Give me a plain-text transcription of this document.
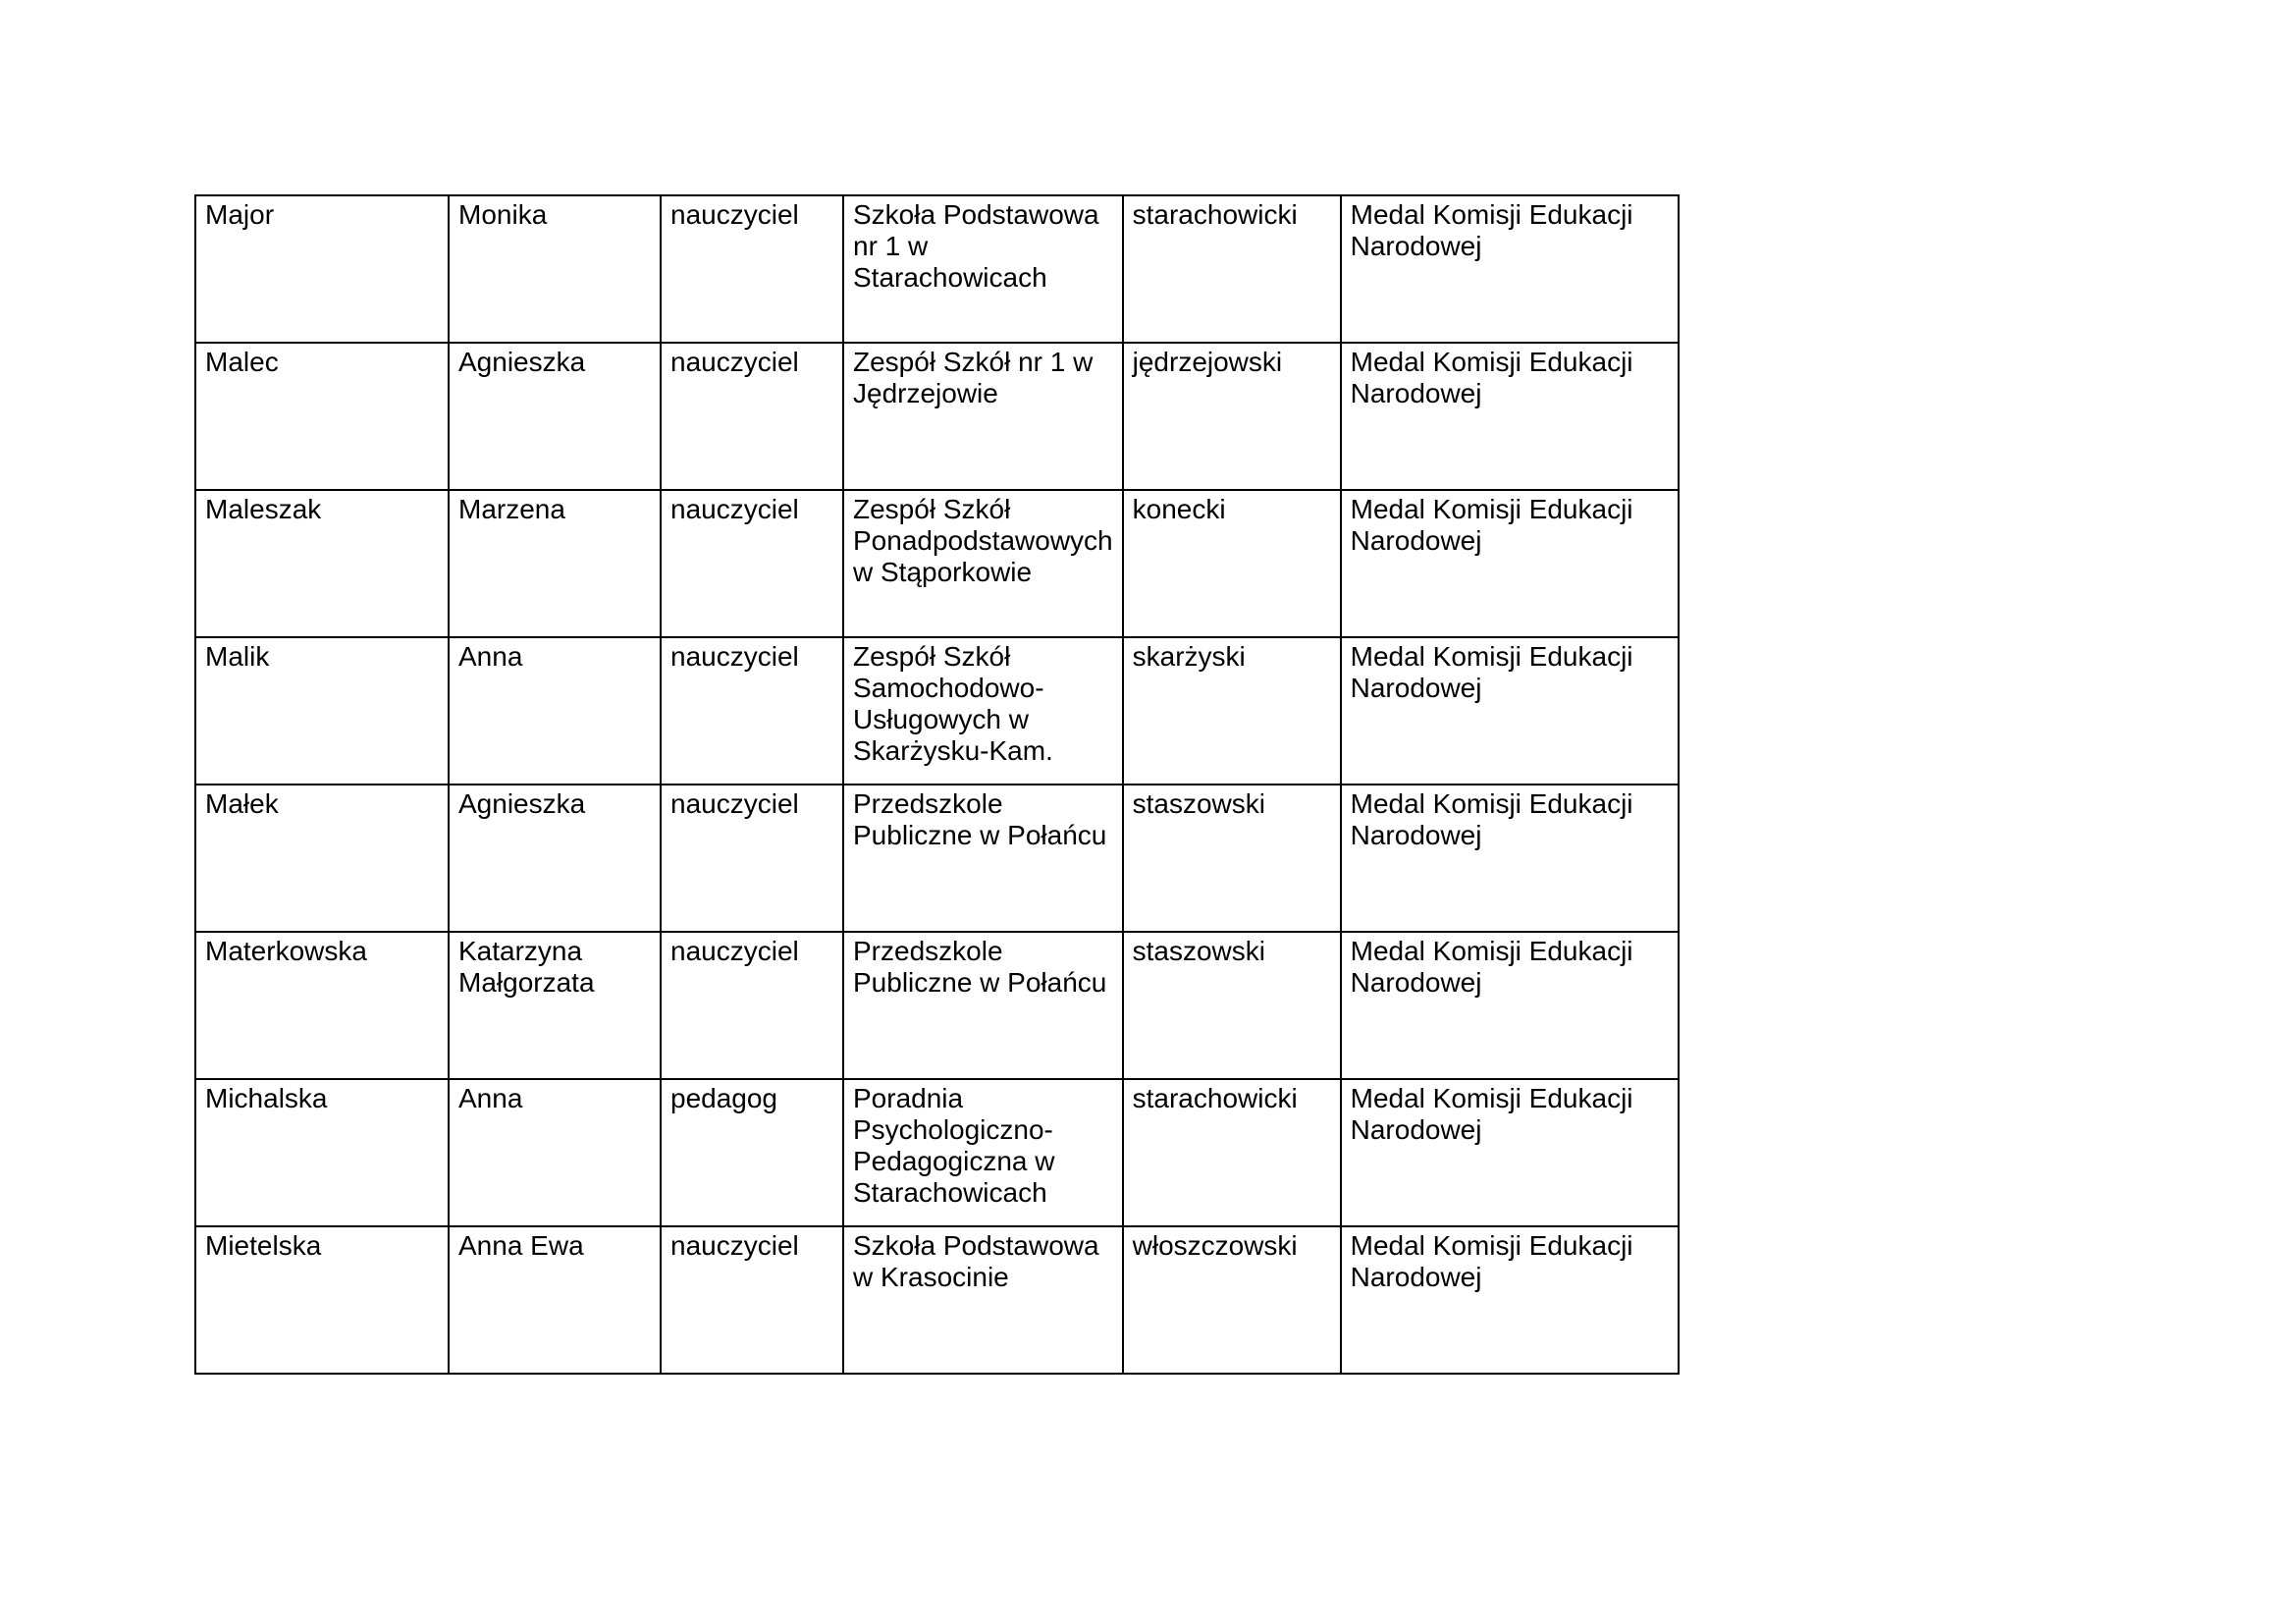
Major	Monika	nauczyciel	Szkoła Podstawowa
nr 1 w
Starachowicach	starachowicki	Medal Komisji Edukacji
Narodowej

Malec	Agnieszka	nauczyciel	Zespół Szkół nr 1 w
Jędrzejowie	jędrzejowski	Medal Komisji Edukacji
Narodowej

Maleszak	Marzena	nauczyciel	Zespół Szkół
Ponadpodstawowych
w Stąporkowie	konecki	Medal Komisji Edukacji
Narodowej

Malik	Anna	nauczyciel	Zespół Szkół
Samochodowo-
Usługowych w
Skarżysku-Kam.	skarżyski	Medal Komisji Edukacji
Narodowej

Małek	Agnieszka	nauczyciel	Przedszkole
Publiczne w Połańcu	staszowski	Medal Komisji Edukacji
Narodowej

Materkowska	Katarzyna
Małgorzata	nauczyciel	Przedszkole
Publiczne w Połańcu	staszowski	Medal Komisji Edukacji
Narodowej

Michalska	Anna	pedagog	Poradnia
Psychologiczno-
Pedagogiczna w
Starachowicach	starachowicki	Medal Komisji Edukacji
Narodowej

Mietelska	Anna Ewa	nauczyciel	Szkoła Podstawowa
w Krasocinie	włoszczowski	Medal Komisji Edukacji
Narodowej
